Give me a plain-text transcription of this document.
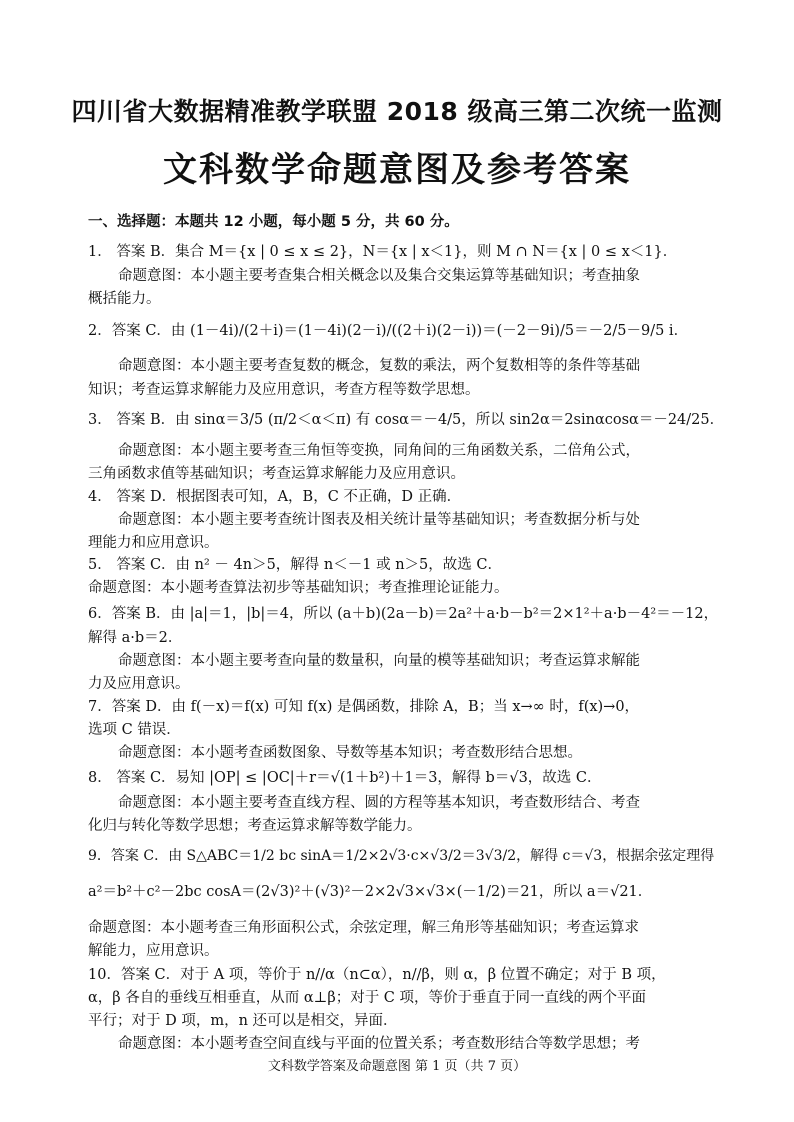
四川省大数据精准教学联盟 2018 级高三第二次统一监测
文科数学命题意图及参考答案
一、选择题：本题共 12 小题，每小题 5 分，共 60 分。
1． 答案 B．集合 M＝{x | 0 ≤ x ≤ 2}，N＝{x | x＜1}，则 M ∩ N＝{x | 0 ≤ x＜1}．
命题意图：本小题主要考查集合相关概念以及集合交集运算等基础知识；考查抽象
概括能力。
2．答案 C．由 (1－4i)/(2＋i)＝(1－4i)(2－i)/((2＋i)(2－i))＝(－2－9i)/5＝－2/5－9/5 i．
命题意图：本小题主要考查复数的概念，复数的乘法，两个复数相等的条件等基础
知识；考查运算求解能力及应用意识，考查方程等数学思想。
3． 答案 B．由 sinα＝3/5 (π/2＜α＜π) 有 cosα＝－4/5，所以 sin2α＝2sinαcosα＝－24/25．
命题意图：本小题主要考查三角恒等变换，同角间的三角函数关系，二倍角公式，
三角函数求值等基础知识；考查运算求解能力及应用意识。
4． 答案 D．根据图表可知，A，B，C 不正确，D 正确．
命题意图：本小题主要考查统计图表及相关统计量等基础知识；考查数据分析与处
理能力和应用意识。
5． 答案 C．由 n² － 4n＞5，解得 n＜－1 或 n＞5，故选 C．
命题意图：本小题考查算法初步等基础知识；考查推理论证能力。
6．答案 B．由 |a|＝1，|b|＝4，所以 (a＋b)(2a－b)＝2a²＋a·b－b²＝2×1²＋a·b－4²＝－12，
解得 a·b＝2．
命题意图：本小题主要考查向量的数量积，向量的模等基础知识；考查运算求解能
力及应用意识。
7．答案 D．由 f(－x)＝f(x) 可知 f(x) 是偶函数，排除 A，B；当 x→∞ 时，f(x)→0，
选项 C 错误．
命题意图：本小题考查函数图象、导数等基本知识；考查数形结合思想。
8． 答案 C．易知 |OP| ≤ |OC|＋r＝√(1＋b²)＋1＝3，解得 b＝√3，故选 C．
命题意图：本小题主要考查直线方程、圆的方程等基本知识，考查数形结合、考查
化归与转化等数学思想；考查运算求解等数学能力。
9．答案 C．由 S△ABC＝1/2 bc sinA＝1/2×2√3·c×√3/2＝3√3/2，解得 c＝√3，根据余弦定理得
a²＝b²＋c²－2bc cosA＝(2√3)²＋(√3)²－2×2√3×√3×(－1/2)＝21，所以 a＝√21．
命题意图：本小题考查三角形面积公式，余弦定理，解三角形等基础知识；考查运算求
解能力，应用意识。
10．答案 C．对于 A 项，等价于 n//α（n⊂α），n//β，则 α，β 位置不确定；对于 B 项，
α，β 各自的垂线互相垂直，从而 α⊥β；对于 C 项，等价于垂直于同一直线的两个平面
平行；对于 D 项，m，n 还可以是相交，异面．
命题意图：本小题考查空间直线与平面的位置关系；考查数形结合等数学思想；考
文科数学答案及命题意图 第 1 页（共 7 页）
